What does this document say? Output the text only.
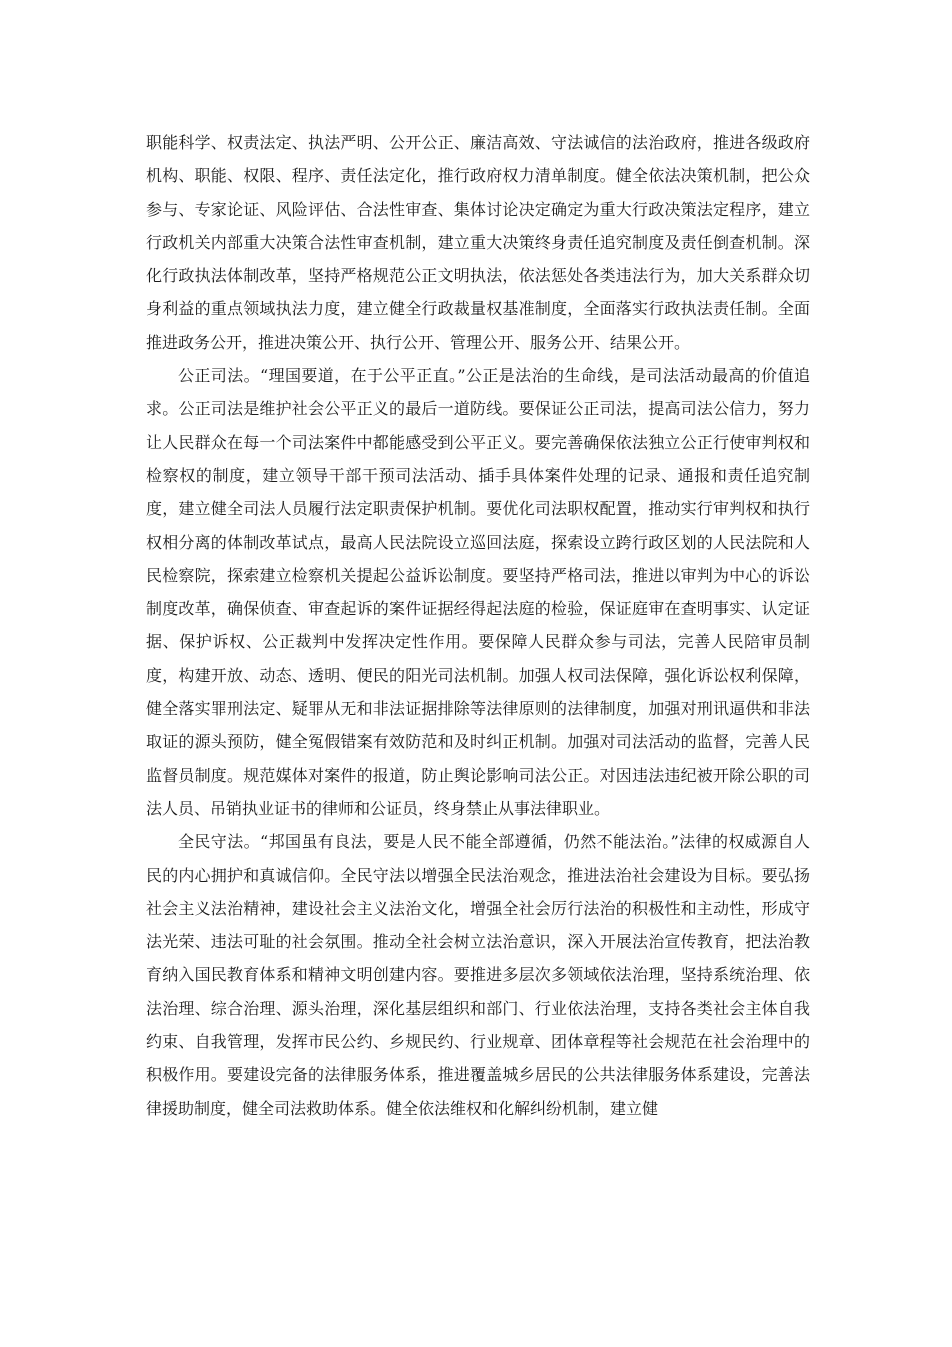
职能科学、权责法定、执法严明、公开公正、廉洁高效、守法诚信的法治政府，推进各级政府机构、职能、权限、程序、责任法定化，推行政府权力清单制度。健全依法决策机制，把公众参与、专家论证、风险评估、合法性审查、集体讨论决定确定为重大行政决策法定程序，建立行政机关内部重大决策合法性审查机制，建立重大决策终身责任追究制度及责任倒查机制。深化行政执法体制改革，坚持严格规范公正文明执法，依法惩处各类违法行为，加大关系群众切身利益的重点领域执法力度，建立健全行政裁量权基准制度，全面落实行政执法责任制。全面推进政务公开，推进决策公开、执行公开、管理公开、服务公开、结果公开。

公正司法。“理国要道，在于公平正直。”公正是法治的生命线，是司法活动最高的价值追求。公正司法是维护社会公平正义的最后一道防线。要保证公正司法，提高司法公信力，努力让人民群众在每一个司法案件中都能感受到公平正义。要完善确保依法独立公正行使审判权和检察权的制度，建立领导干部干预司法活动、插手具体案件处理的记录、通报和责任追究制度，建立健全司法人员履行法定职责保护机制。要优化司法职权配置，推动实行审判权和执行权相分离的体制改革试点，最高人民法院设立巡回法庭，探索设立跨行政区划的人民法院和人民检察院，探索建立检察机关提起公益诉讼制度。要坚持严格司法，推进以审判为中心的诉讼制度改革，确保侦查、审查起诉的案件证据经得起法庭的检验，保证庭审在查明事实、认定证据、保护诉权、公正裁判中发挥决定性作用。要保障人民群众参与司法，完善人民陪审员制度，构建开放、动态、透明、便民的阳光司法机制。加强人权司法保障，强化诉讼权利保障，健全落实罪刑法定、疑罪从无和非法证据排除等法律原则的法律制度，加强对刑讯逼供和非法取证的源头预防，健全冤假错案有效防范和及时纠正机制。加强对司法活动的监督，完善人民监督员制度。规范媒体对案件的报道，防止舆论影响司法公正。对因违法违纪被开除公职的司法人员、吊销执业证书的律师和公证员，终身禁止从事法律职业。

全民守法。“邦国虽有良法，要是人民不能全部遵循，仍然不能法治。”法律的权威源自人民的内心拥护和真诚信仰。全民守法以增强全民法治观念，推进法治社会建设为目标。要弘扬社会主义法治精神，建设社会主义法治文化，增强全社会厉行法治的积极性和主动性，形成守法光荣、违法可耻的社会氛围。推动全社会树立法治意识，深入开展法治宣传教育，把法治教育纳入国民教育体系和精神文明创建内容。要推进多层次多领域依法治理，坚持系统治理、依法治理、综合治理、源头治理，深化基层组织和部门、行业依法治理，支持各类社会主体自我约束、自我管理，发挥市民公约、乡规民约、行业规章、团体章程等社会规范在社会治理中的积极作用。要建设完备的法律服务体系，推进覆盖城乡居民的公共法律服务体系建设，完善法律援助制度，健全司法救助体系。健全依法维权和化解纠纷机制，建立健
